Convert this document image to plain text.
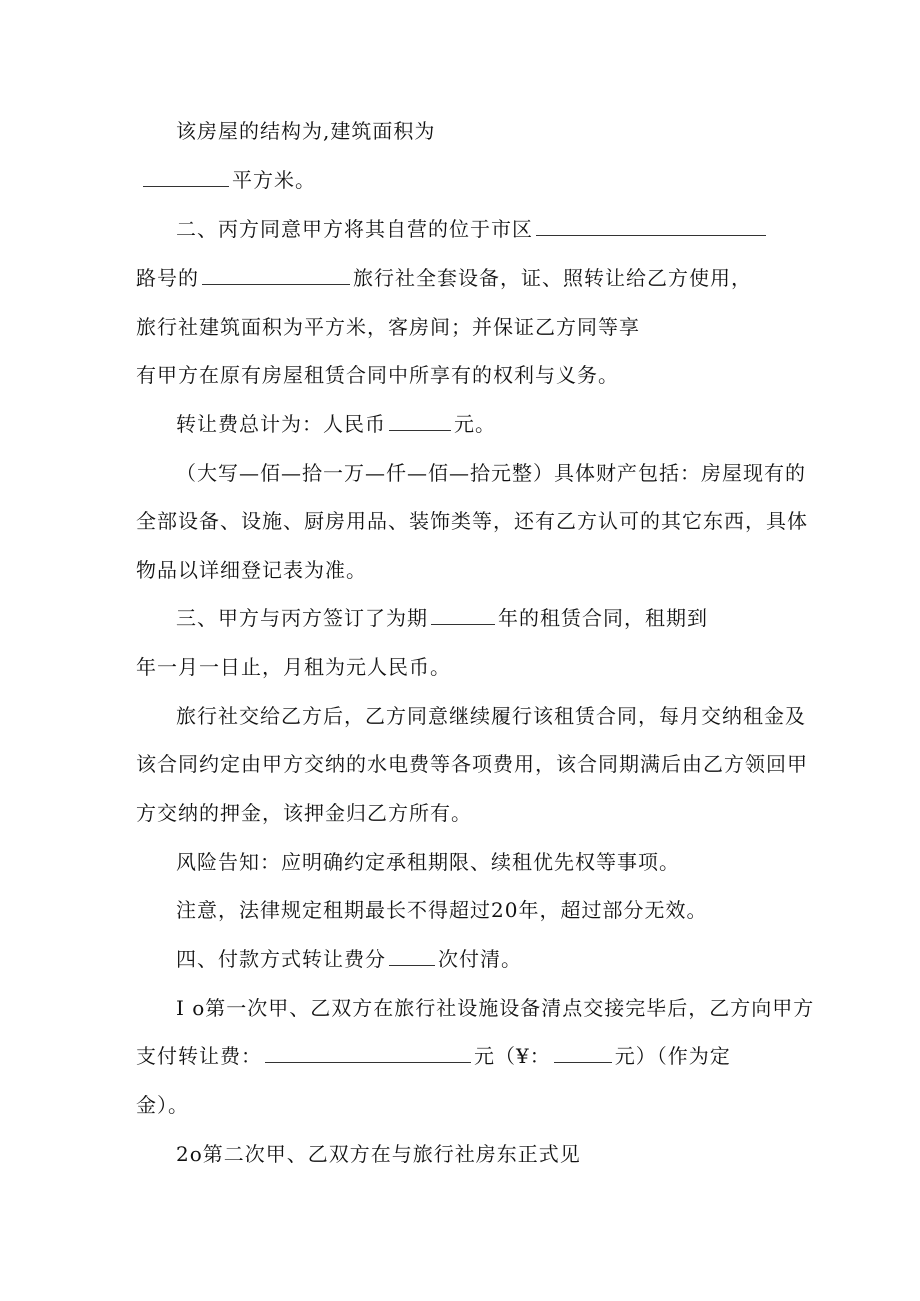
该房屋的结构为,建筑面积为
平方米。
二、丙方同意甲方将其自营的位于市区
路号的	旅行社全套设备，证、照转让给乙方使用，
旅行社建筑面积为平方米，客房间；并保证乙方同等享
有甲方在原有房屋租赁合同中所享有的权利与义务。
转让费总计为：人民币	元。
（大写—佰—拾一万—仟—佰—拾元整）具体财产包括：房屋现有的
全部设备、设施、厨房用品、装饰类等，还有乙方认可的其它东西，具体
物品以详细登记表为准。
三、甲方与丙方签订了为期	年的租赁合同，租期到
年一月一日止，月租为元人民币。
旅行社交给乙方后，乙方同意继续履行该租赁合同，每月交纳租金及
该合同约定由甲方交纳的水电费等各项费用，该合同期满后由乙方领回甲
方交纳的押金，该押金归乙方所有。
风险告知：应明确约定承租期限、续租优先权等事项。
注意，法律规定租期最长不得超过20年，超过部分无效。
四、付款方式转让费分	次付清。
I o第一次甲、乙双方在旅行社设施设备清点交接完毕后，乙方向甲方
支付转让费：	元（¥：	元）（作为定
金）。
2o第二次甲、乙双方在与旅行社房东正式见
